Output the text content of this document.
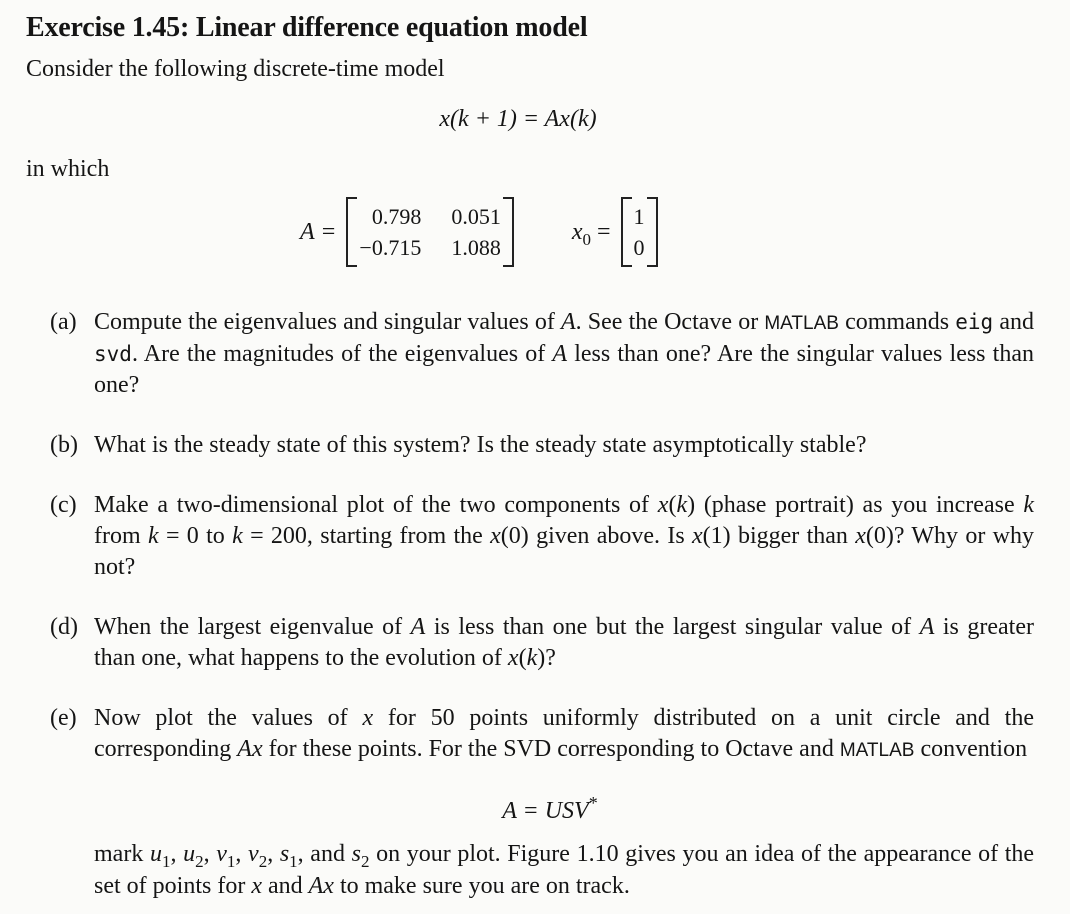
Exercise 1.45: Linear difference equation model
Consider the following discrete-time model
x(k + 1) = Ax(k)
in which
A =
0.798 0.051
−0.715 1.088
$x_0$ =
1
0
(a) Compute the eigenvalues and singular values of A. See the Octave or MATLAB commands eig and svd. Are the magnitudes of the eigenvalues of A less than one? Are the singular values less than one?
(b) What is the steady state of this system? Is the steady state asymptotically stable?
(c) Make a two-dimensional plot of the two components of x(k) (phase portrait) as you increase k from k = 0 to k = 200, starting from the x(0) given above. Is x(1) bigger than x(0)? Why or why not?
(d) When the largest eigenvalue of A is less than one but the largest singular value of A is greater than one, what happens to the evolution of x(k)?
(e) Now plot the values of x for 50 points uniformly distributed on a unit circle and the corresponding Ax for these points. For the SVD corresponding to Octave and MATLAB convention
A = USV*
mark $u_1$, $u_2$, $v_1$, $v_2$, $s_1$, and $s_2$ on your plot. Figure 1.10 gives you an idea of the appearance of the set of points for x and Ax to make sure you are on track.
